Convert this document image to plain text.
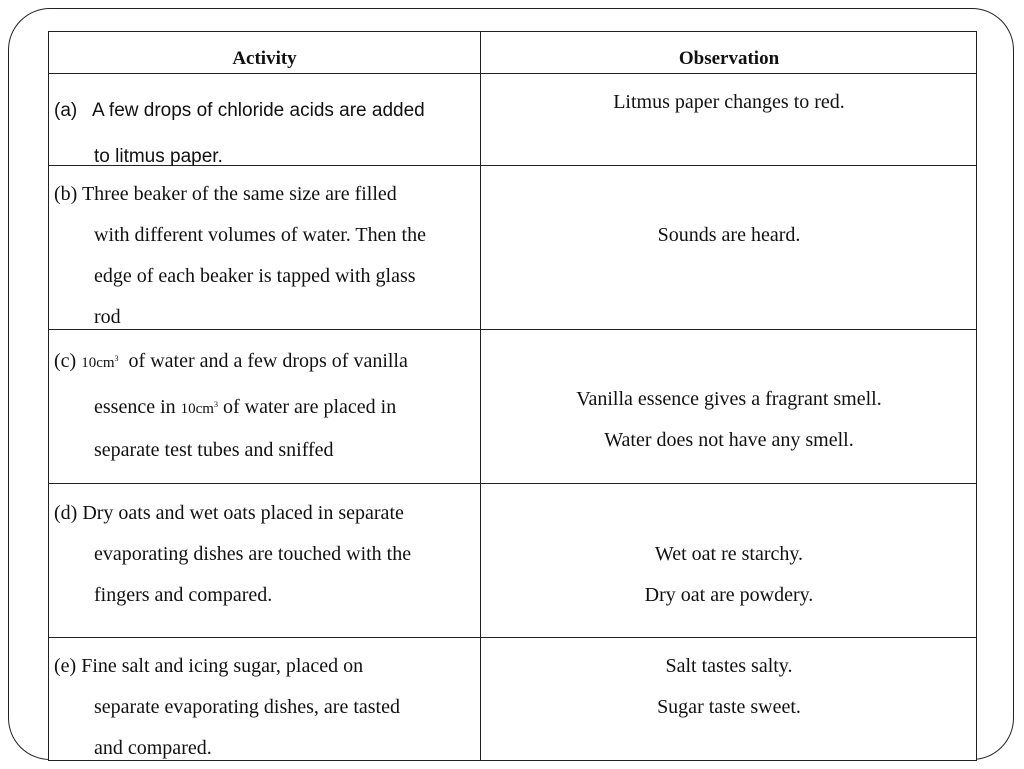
Activity	Observation
(a) A few drops of chloride acids are added
to litmus paper.
Litmus paper changes to red.
(b) Three beaker of the same size are filled
with different volumes of water. Then the
edge of each beaker is tapped with glass
rod
Sounds are heard.
(c) $10cm^3$ of water and a few drops of vanilla
essence in $10cm^3$ of water are placed in
separate test tubes and sniffed
Vanilla essence gives a fragrant smell.
Water does not have any smell.
(d) Dry oats and wet oats placed in separate
evaporating dishes are touched with the
fingers and compared.
Wet oat re starchy.
Dry oat are powdery.
(e) Fine salt and icing sugar, placed on
separate evaporating dishes, are tasted
and compared.
Salt tastes salty.
Sugar taste sweet.
